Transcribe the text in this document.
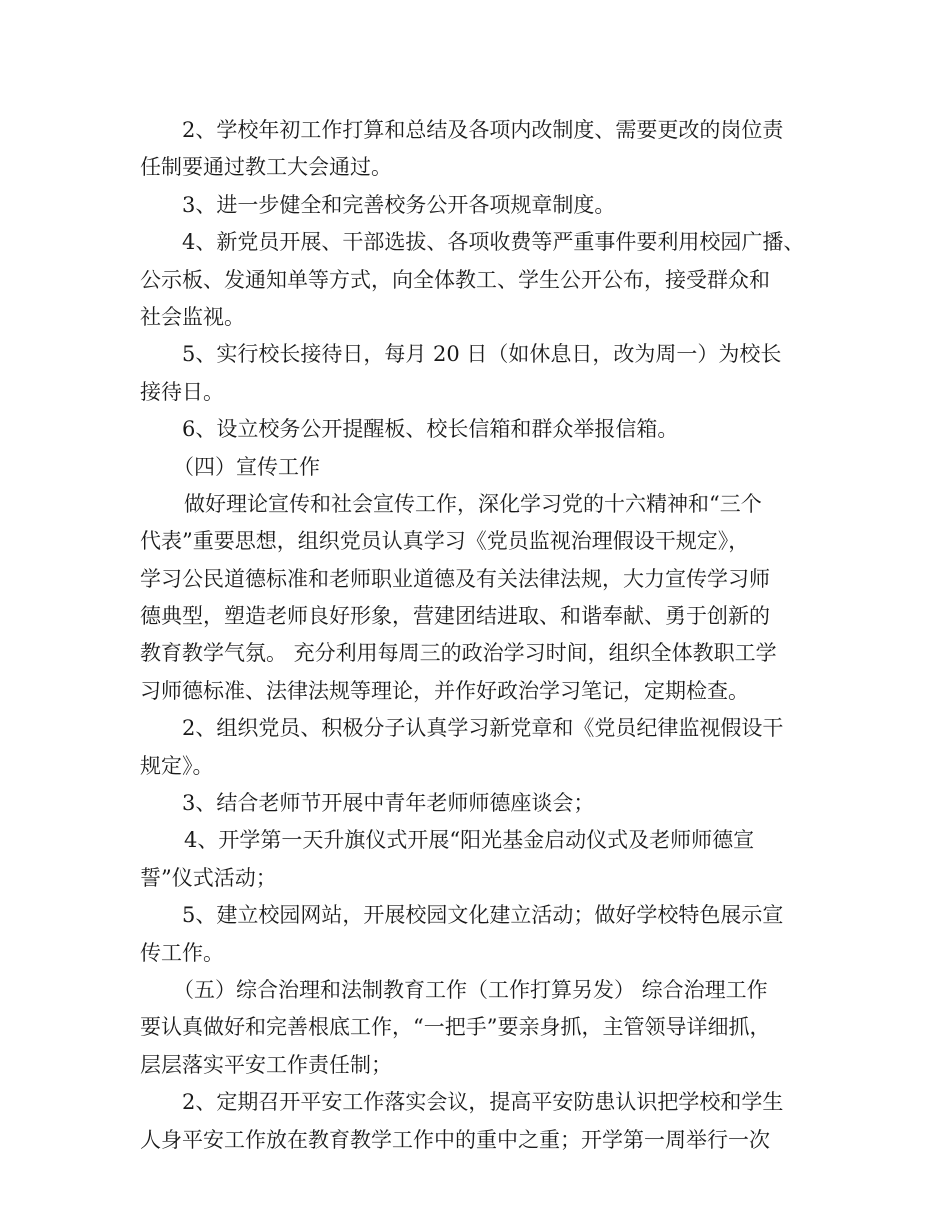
2、学校年初工作打算和总结及各项内改制度、需要更改的岗位责
任制要通过教工大会通过。
3、进一步健全和完善校务公开各项规章制度。
4、新党员开展、干部选拔、各项收费等严重事件要利用校园广播、
公示板、发通知单等方式，向全体教工、学生公开公布，接受群众和
社会监视。
5、实行校长接待日，每月 20 日（如休息日，改为周一）为校长
接待日。
6、设立校务公开提醒板、校长信箱和群众举报信箱。
（四）宣传工作
做好理论宣传和社会宣传工作，深化学习党的十六精神和“三个
代表”重要思想，组织党员认真学习《党员监视治理假设干规定》，
学习公民道德标准和老师职业道德及有关法律法规，大力宣传学习师
德典型，塑造老师良好形象，营建团结进取、和谐奉献、勇于创新的
教育教学气氛。 充分利用每周三的政治学习时间，组织全体教职工学
习师德标准、法律法规等理论，并作好政治学习笔记，定期检查。
2、组织党员、积极分子认真学习新党章和《党员纪律监视假设干
规定》。
3、结合老师节开展中青年老师师德座谈会；
4、开学第一天升旗仪式开展“阳光基金启动仪式及老师师德宣
誓”仪式活动；
5、建立校园网站，开展校园文化建立活动；做好学校特色展示宣
传工作。
（五）综合治理和法制教育工作（工作打算另发） 综合治理工作
要认真做好和完善根底工作，“一把手”要亲身抓，主管领导详细抓，
层层落实平安工作责任制；
2、定期召开平安工作落实会议，提高平安防患认识把学校和学生
人身平安工作放在教育教学工作中的重中之重；开学第一周举行一次
